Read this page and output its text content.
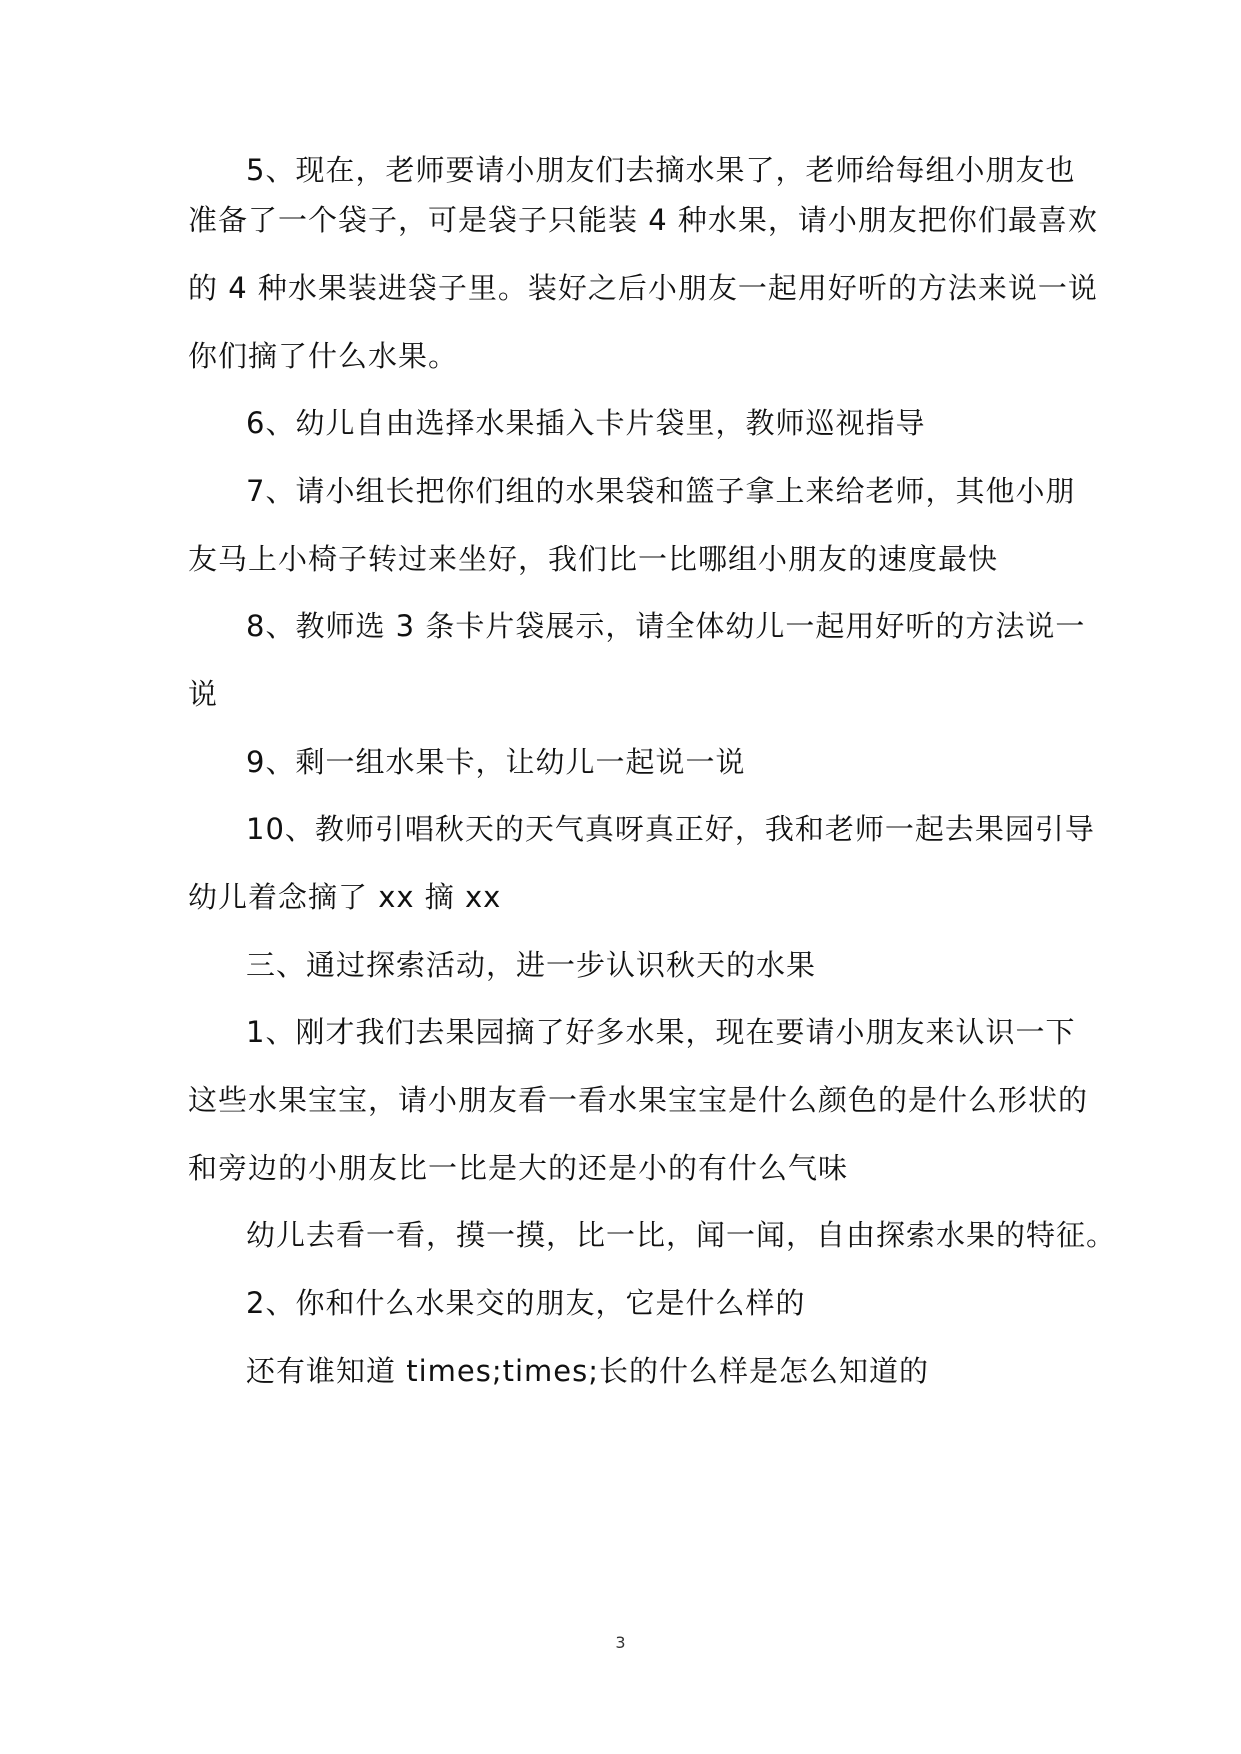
5、现在，老师要请小朋友们去摘水果了，老师给每组小朋友也
准备了一个袋子，可是袋子只能装 4 种水果，请小朋友把你们最喜欢
的 4 种水果装进袋子里。装好之后小朋友一起用好听的方法来说一说
你们摘了什么水果。
6、幼儿自由选择水果插入卡片袋里，教师巡视指导
7、请小组长把你们组的水果袋和篮子拿上来给老师，其他小朋
友马上小椅子转过来坐好，我们比一比哪组小朋友的速度最快
8、教师选 3 条卡片袋展示，请全体幼儿一起用好听的方法说一
说
9、剩一组水果卡，让幼儿一起说一说
10、教师引唱秋天的天气真呀真正好，我和老师一起去果园引导
幼儿着念摘了 xx 摘 xx
三、通过探索活动，进一步认识秋天的水果
1、刚才我们去果园摘了好多水果，现在要请小朋友来认识一下
这些水果宝宝，请小朋友看一看水果宝宝是什么颜色的是什么形状的
和旁边的小朋友比一比是大的还是小的有什么气味
幼儿去看一看，摸一摸，比一比，闻一闻，自由探索水果的特征。
2、你和什么水果交的朋友，它是什么样的
还有谁知道 times;times;长的什么样是怎么知道的
3
